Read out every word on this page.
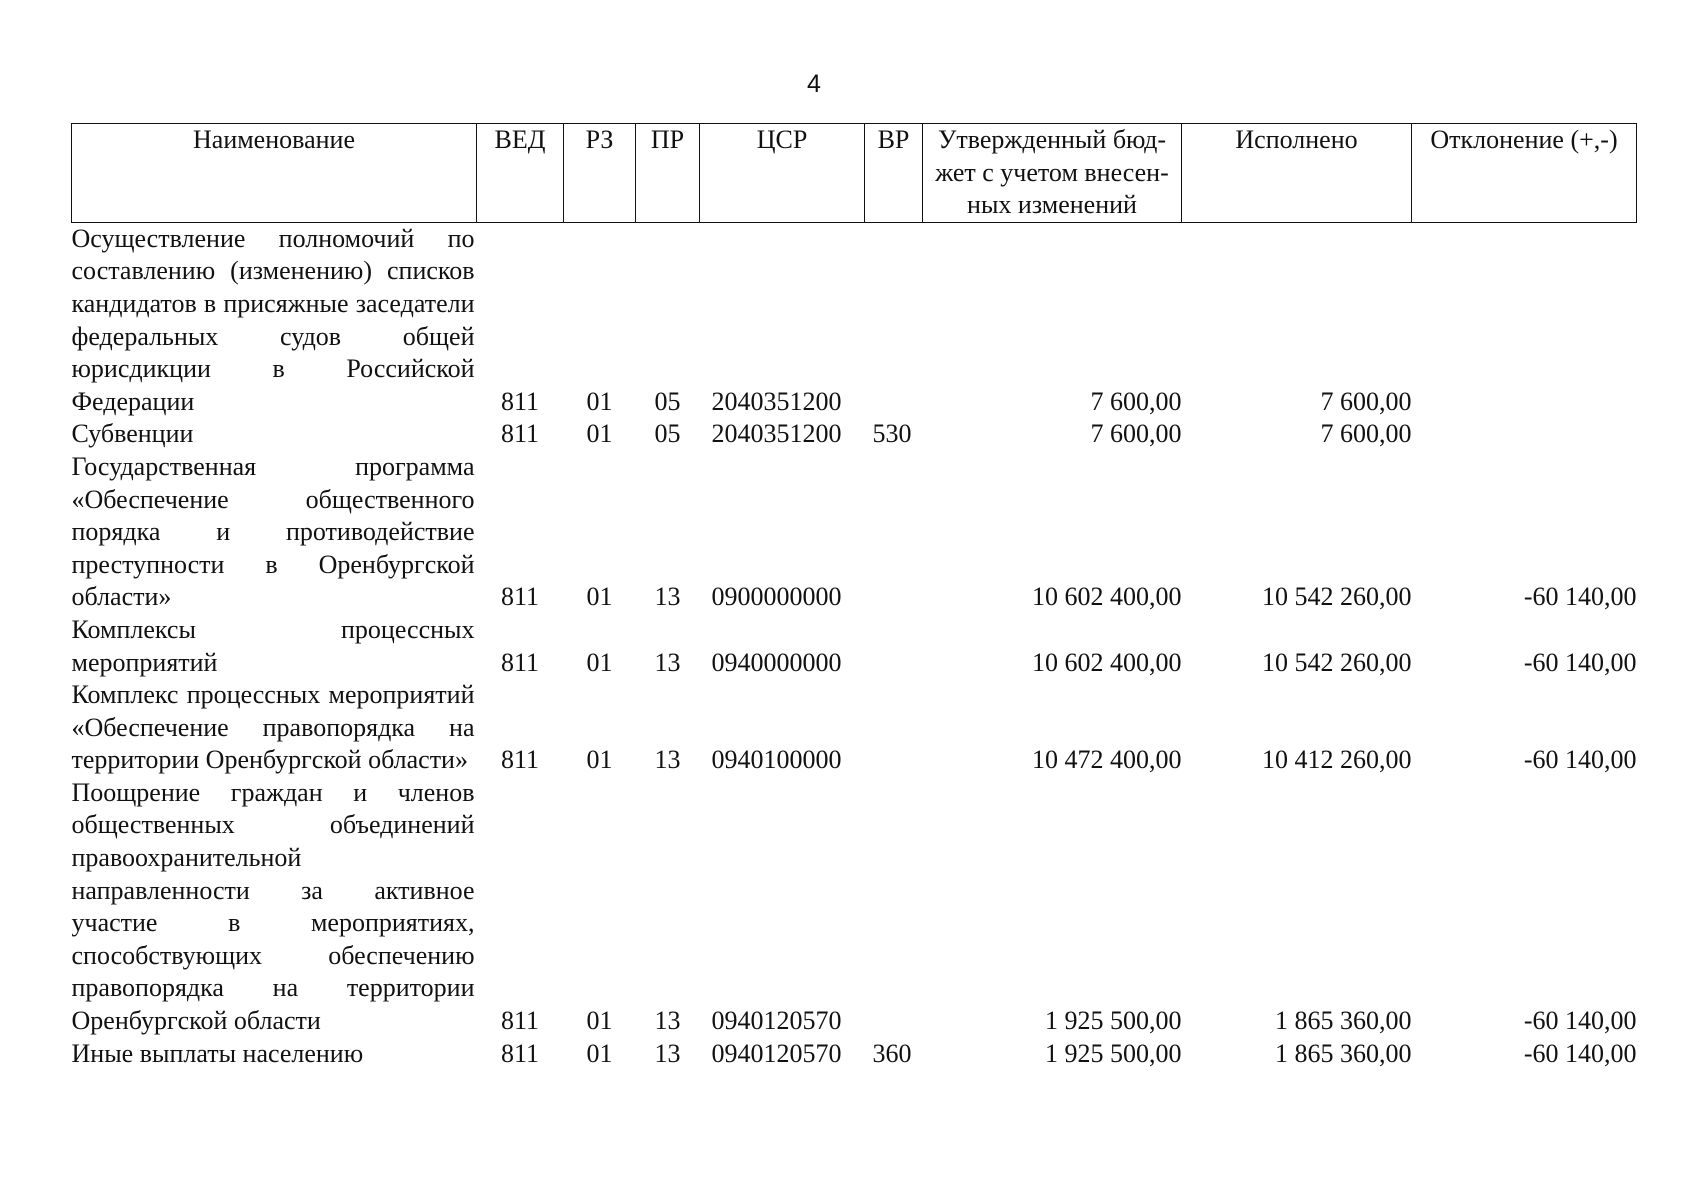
4
Наименование	ВЕД	РЗ	ПР	ЦСР	ВР	Утвержденный бюд-жет с учетом внесен-ных изменений	Исполнено	Отклонение (+,-)
Осуществление полномочий по составлению (изменению) списков кандидатов в присяжные заседатели федеральных судов общей юрисдикции в Российской Федерации	811	01	05	2040351200		7 600,00	7 600,00	
Субвенции	811	01	05	2040351200	530	7 600,00	7 600,00	
Государственная программа «Обеспечение общественного порядка и противодействие преступности в Оренбургской области»	811	01	13	0900000000		10 602 400,00	10 542 260,00	-60 140,00
Комплексы процессных мероприятий	811	01	13	0940000000		10 602 400,00	10 542 260,00	-60 140,00
Комплекс процессных мероприятий «Обеспечение правопорядка на территории Оренбургской области»	811	01	13	0940100000		10 472 400,00	10 412 260,00	-60 140,00
Поощрение граждан и членов общественных объединений правоохранительной направленности за активное участие в мероприятиях, способствующих обеспечению правопорядка на территории Оренбургской области	811	01	13	0940120570		1 925 500,00	1 865 360,00	-60 140,00
Иные выплаты населению	811	01	13	0940120570	360	1 925 500,00	1 865 360,00	-60 140,00
